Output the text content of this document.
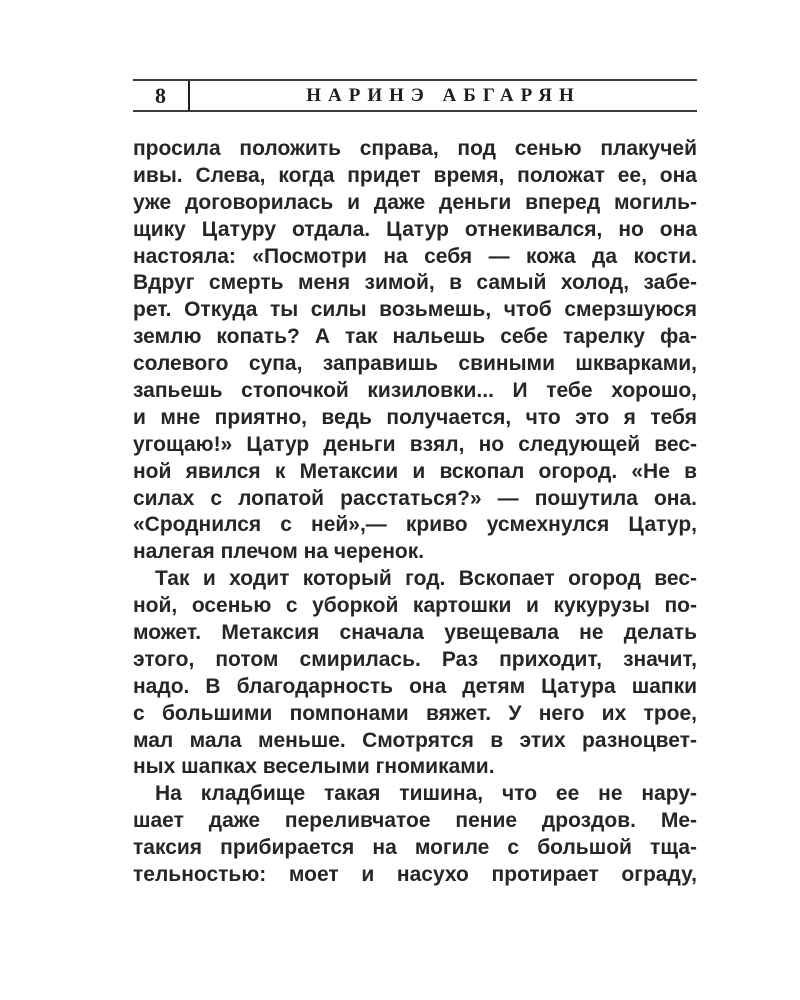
8	НАРИНЭ АБГАРЯН
просила положить справа, под сенью плакучей
ивы. Слева, когда придет время, положат ее, она
уже договорилась и даже деньги вперед могиль-
щику Цатуру отдала. Цатур отнекивался, но она
настояла: «Посмотри на себя — кожа да кости.
Вдруг смерть меня зимой, в самый холод, забе-
рет. Откуда ты силы возьмешь, чтоб смерзшуюся
землю копать? А так нальешь себе тарелку фа-
солевого супа, заправишь свиными шкварками,
запьешь стопочкой кизиловки... И тебе хорошо,
и мне приятно, ведь получается, что это я тебя
угощаю!» Цатур деньги взял, но следующей вес-
ной явился к Метаксии и вскопал огород. «Не в
силах с лопатой расстаться?» — пошутила она.
«Сроднился с ней»,— криво усмехнулся Цатур,
налегая плечом на черенок.
Так и ходит который год. Вскопает огород вес-
ной, осенью с уборкой картошки и кукурузы по-
может. Метаксия сначала увещевала не делать
этого, потом смирилась. Раз приходит, значит,
надо. В благодарность она детям Цатура шапки
с большими помпонами вяжет. У него их трое,
мал мала меньше. Смотрятся в этих разноцвет-
ных шапках веселыми гномиками.
На кладбище такая тишина, что ее не нару-
шает даже переливчатое пение дроздов. Ме-
таксия прибирается на могиле с большой тща-
тельностью: моет и насухо протирает ограду,
